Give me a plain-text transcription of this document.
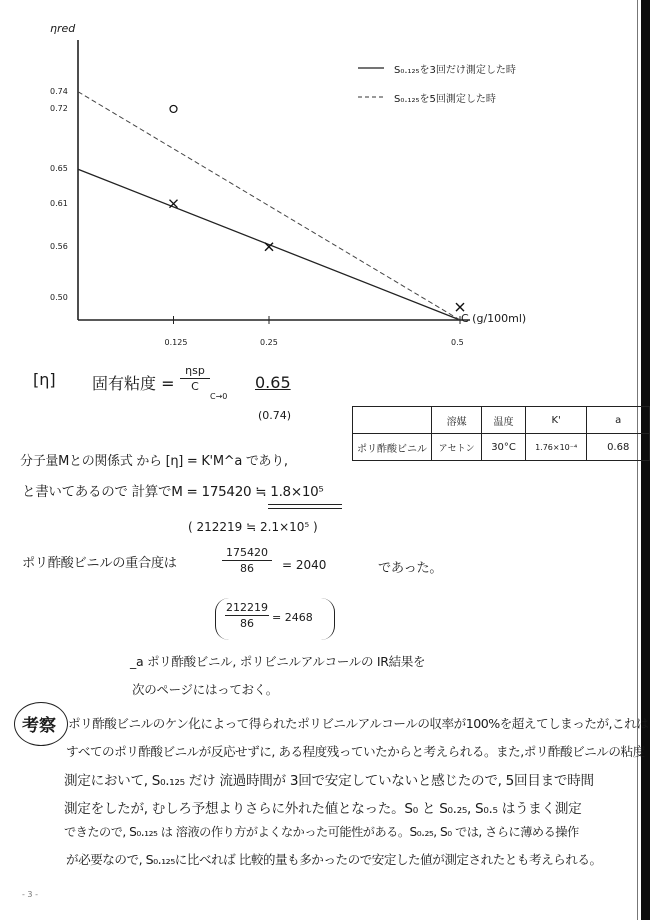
ηred
C (g/100ml)
S₀.₁₂₅を3回だけ測定した時
S₀.₁₂₅を5回測定した時
0.125	0.25	0.5
0.74
0.72
0.65
0.61
0.56
0.50
[η] 固有粘度 =
ηsp
C
C→0
0.65
(0.74)
		溶媒	温度	K'	a
ポリ酢酸ビニル	アセトン	30°C	1.76×10⁻⁴	0.68
分子量Mとの関係式 から [η] = K'M^a であり,
と書いてあるので 計算でM = 175420 ≒ 1.8×10⁵
( 212219 ≒ 2.1×10⁵ )
ポリ酢酸ビニルの重合度は
175420
86	= 2040	であった。
212219
86	= 2468
_a ポリ酢酸ビニル, ポリビニルアルコールの IR結果を
次のページにはっておく。
考察 ポリ酢酸ビニルのケン化によって得られたポリビニルアルコールの収率が100%を超えてしまったが,これは
すべてのポリ酢酸ビニルが反応せずに, ある程度残っていたからと考えられる。また,ポリ酢酸ビニルの粘度
測定において, S₀.₁₂₅ だけ 流過時間が 3回で安定していないと感じたので, 5回目まで時間
測定をしたが, むしろ予想よりさらに外れた値となった。S₀ と S₀.₂₅, S₀.₅ はうまく測定
できたので, S₀.₁₂₅ は 溶液の作り方がよくなかった可能性がある。S₀.₂₅, S₀ では, さらに薄める操作
が必要なので, S₀.₁₂₅に比べれば 比較的量も多かったので安定した値が測定されたとも考えられる。
- 3 -
